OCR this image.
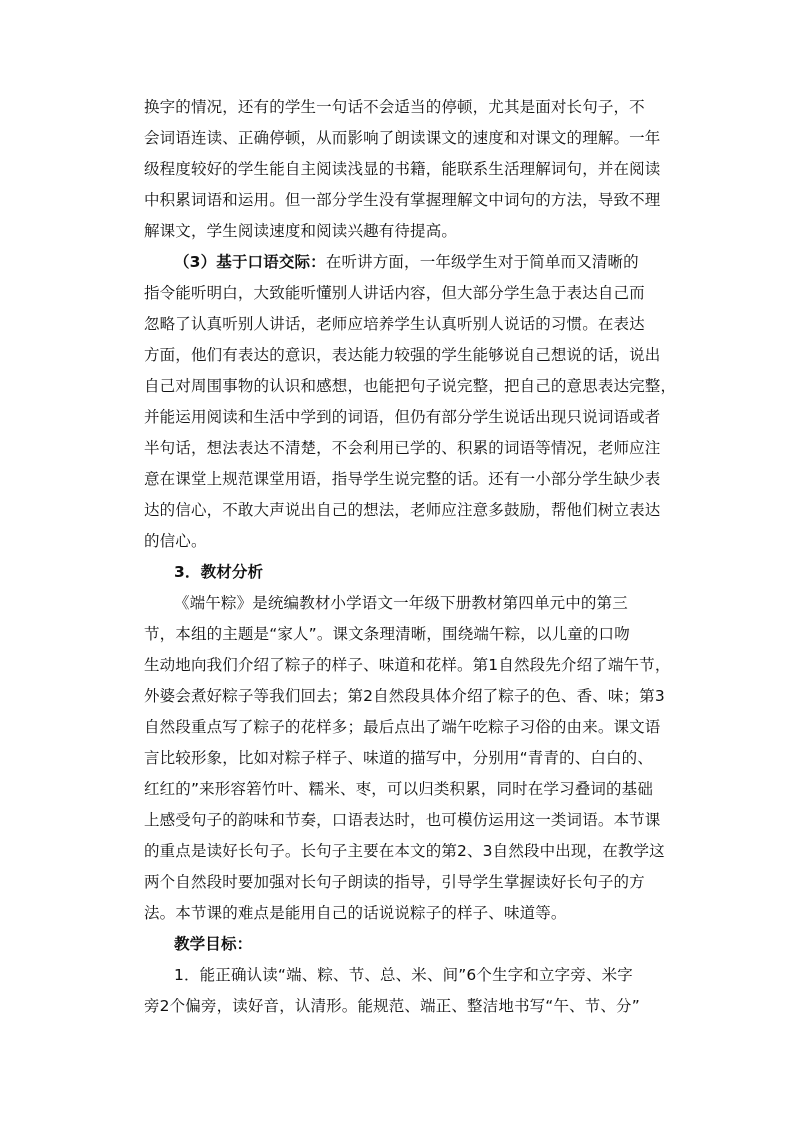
换字的情况，还有的学生一句话不会适当的停顿，尤其是面对长句子，不
会词语连读、正确停顿，从而影响了朗读课文的速度和对课文的理解。一年
级程度较好的学生能自主阅读浅显的书籍，能联系生活理解词句，并在阅读
中积累词语和运用。但一部分学生没有掌握理解文中词句的方法，导致不理
解课文，学生阅读速度和阅读兴趣有待提高。
（3）基于口语交际：在听讲方面，一年级学生对于简单而又清晰的
指令能听明白，大致能听懂别人讲话内容，但大部分学生急于表达自己而
忽略了认真听别人讲话，老师应培养学生认真听别人说话的习惯。在表达
方面，他们有表达的意识，表达能力较强的学生能够说自己想说的话，说出
自己对周围事物的认识和感想，也能把句子说完整，把自己的意思表达完整，
并能运用阅读和生活中学到的词语，但仍有部分学生说话出现只说词语或者
半句话，想法表达不清楚，不会利用已学的、积累的词语等情况，老师应注
意在课堂上规范课堂用语，指导学生说完整的话。还有一小部分学生缺少表
达的信心，不敢大声说出自己的想法，老师应注意多鼓励，帮他们树立表达
的信心。
3．教材分析
《端午粽》是统编教材小学语文一年级下册教材第四单元中的第三
节，本组的主题是“家人”。课文条理清晰，围绕端午粽，以儿童的口吻
生动地向我们介绍了粽子的样子、味道和花样。第1自然段先介绍了端午节，
外婆会煮好粽子等我们回去；第2自然段具体介绍了粽子的色、香、味；第3
自然段重点写了粽子的花样多；最后点出了端午吃粽子习俗的由来。课文语
言比较形象，比如对粽子样子、味道的描写中，分别用“青青的、白白的、
红红的”来形容箬竹叶、糯米、枣，可以归类积累，同时在学习叠词的基础
上感受句子的韵味和节奏，口语表达时，也可模仿运用这一类词语。本节课
的重点是读好长句子。长句子主要在本文的第2、3自然段中出现，在教学这
两个自然段时要加强对长句子朗读的指导，引导学生掌握读好长句子的方
法。本节课的难点是能用自己的话说说粽子的样子、味道等。
教学目标：
1．能正确认读“端、粽、节、总、米、间”6个生字和立字旁、米字
旁2个偏旁，读好音，认清形。能规范、端正、整洁地书写“午、节、分”
